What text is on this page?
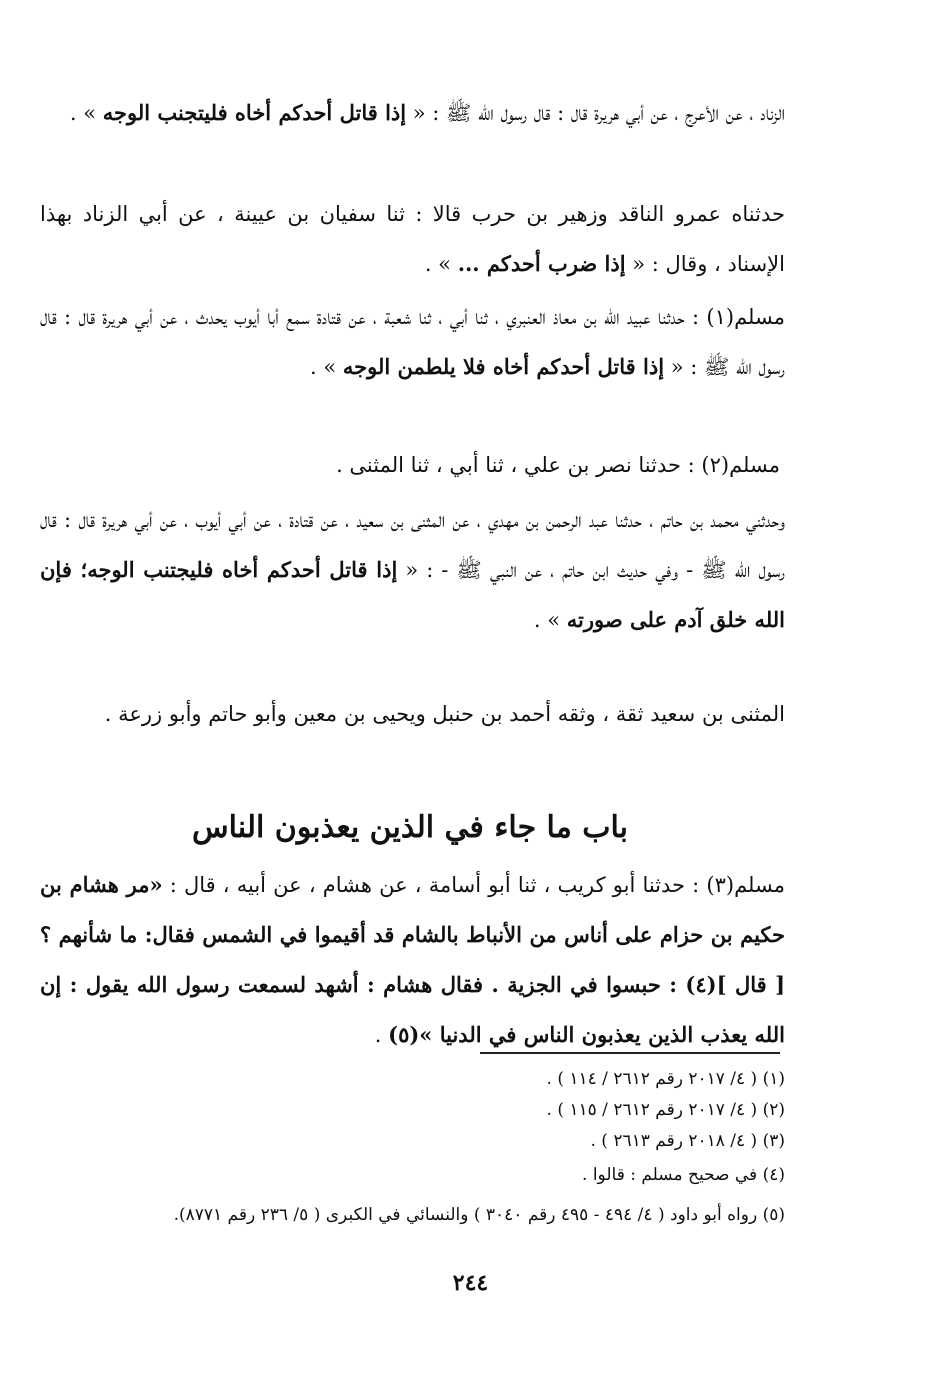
الزناد ، عن الأعرج ، عن أبي هريرة قال : قال رسول الله ﷺ : « إذا قاتل أحدكم أخاه فليتجنب الوجه » .

حدثناه عمرو الناقد وزهير بن حرب قالا : ثنا سفيان بن عيينة ، عن أبي الزناد بهذا الإسناد ، وقال : « إذا ضرب أحدكم ... » .

مسلم(١) : حدثنا عبيد الله بن معاذ العنبري ، ثنا أبي ، ثنا شعبة ، عن قتادة سمع أبا أيوب يحدث ، عن أبي هريرة قال : قال رسول الله ﷺ : « إذا قاتل أحدكم أخاه فلا يلطمن الوجه » .

مسلم(٢) : حدثنا نصر بن علي ، ثنا أبي ، ثنا المثنى .

وحدثني محمد بن حاتم ، حدثنا عبد الرحمن بن مهدي ، عن المثنى بن سعيد ، عن قتادة ، عن أبي أيوب ، عن أبي هريرة قال : قال رسول الله ﷺ - وفي حديث ابن حاتم ، عن النبي ﷺ - : « إذا قاتل أحدكم أخاه فليجتنب الوجه؛ فإن الله خلق آدم على صورته » .

المثنى بن سعيد ثقة ، وثقه أحمد بن حنبل ويحيى بن معين وأبو حاتم وأبو زرعة .

باب ما جاء في الذين يعذبون الناس

مسلم(٣) : حدثنا أبو كريب ، ثنا أبو أسامة ، عن هشام ، عن أبيه ، قال : «مر هشام بن حكيم بن حزام على أناس من الأنباط بالشام قد أقيموا في الشمس فقال: ما شأنهم ؟ [ قال ](٤) : حبسوا في الجزية . فقال هشام : أشهد لسمعت رسول الله يقول : إن الله يعذب الذين يعذبون الناس في الدنيا »(٥) .

(١) ( ٤/ ٢٠١٧ رقم ٢٦١٢ / ١١٤ ) .

(٢) ( ٤/ ٢٠١٧ رقم ٢٦١٢ / ١١٥ ) .

(٣) ( ٤/ ٢٠١٨ رقم ٢٦١٣ ) .

(٤) في صحيح مسلم : قالوا .

(٥) رواه أبو داود ( ٤/ ٤٩٤ - ٤٩٥ رقم ٣٠٤٠ ) والنسائي في الكبرى ( ٥/ ٢٣٦ رقم ٨٧٧١).

٢٤٤
